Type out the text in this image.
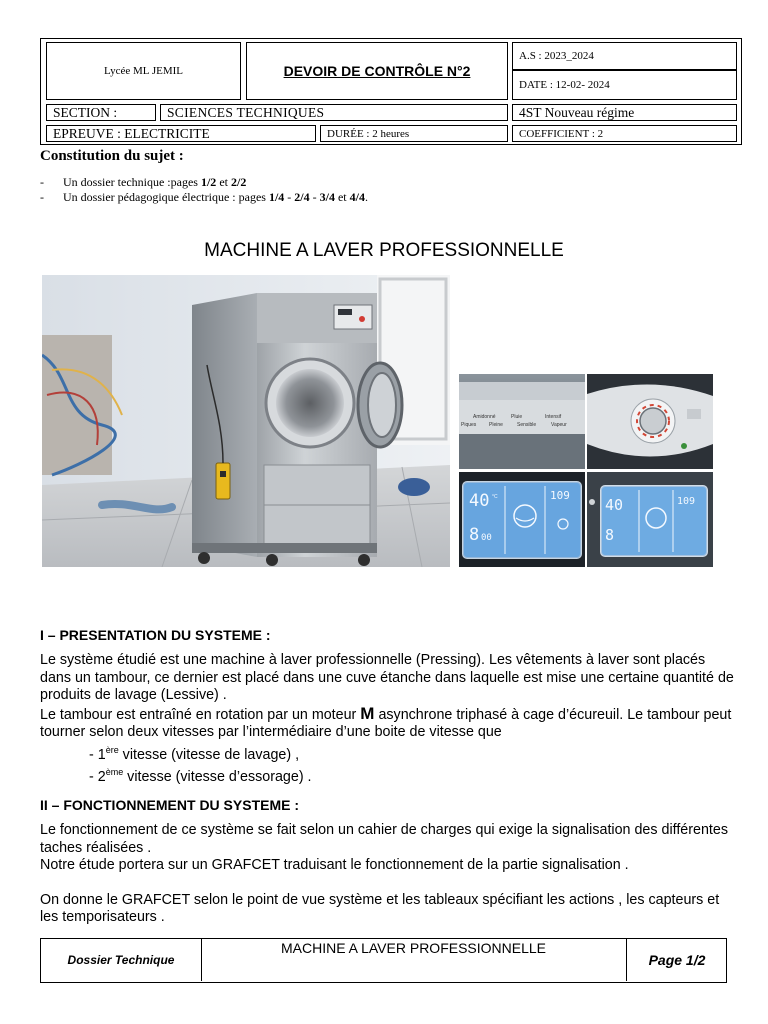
Lycée ML JEMIL	DEVOIR DE CONTRÔLE N°2
A.S : 2023_2024
DATE : 12-02- 2024
SECTION :	SCIENCES TECHNIQUES	4ST Nouveau régime
EPREUVE : ELECTRICITE	DURÉE : 2 heures	COEFFICIENT : 2
Constitution du sujet :
- Un dossier technique :pages 1/2 et 2/2
- Un dossier pédagogique électrique : pages 1/4 - 2/4 - 3/4 et 4/4.
MACHINE A LAVER PROFESSIONNELLE
Amidonné	Pluie	Intensif
Piques	Pleine	Sensible	Vapeur
40 °C
8 00
109
40
8
109
I – PRESENTATION DU SYSTEME :
Le système étudié est une machine à laver professionnelle (Pressing). Les vêtements à laver sont placés dans un tambour, ce dernier est placé dans une cuve étanche dans laquelle est mise une certaine quantité de produits de lavage (Lessive) .
Le tambour est entraîné en rotation par un moteur M asynchrone triphasé à cage d’écureuil. Le tambour peut tourner selon deux vitesses par l’intermédiaire d’une boite de vitesse que
- 1ère vitesse (vitesse de lavage) ,
- 2ème vitesse (vitesse d’essorage) .
II – FONCTIONNEMENT DU SYSTEME :
Le fonctionnement de ce système se fait selon un cahier de charges qui exige la signalisation des différentes taches réalisées .
Notre étude portera sur un GRAFCET traduisant le fonctionnement de la partie signalisation .
On donne le GRAFCET selon le point de vue système et les tableaux spécifiant les actions , les capteurs et les temporisateurs .
Dossier Technique
MACHINE A LAVER PROFESSIONNELLE
Page 1/2
